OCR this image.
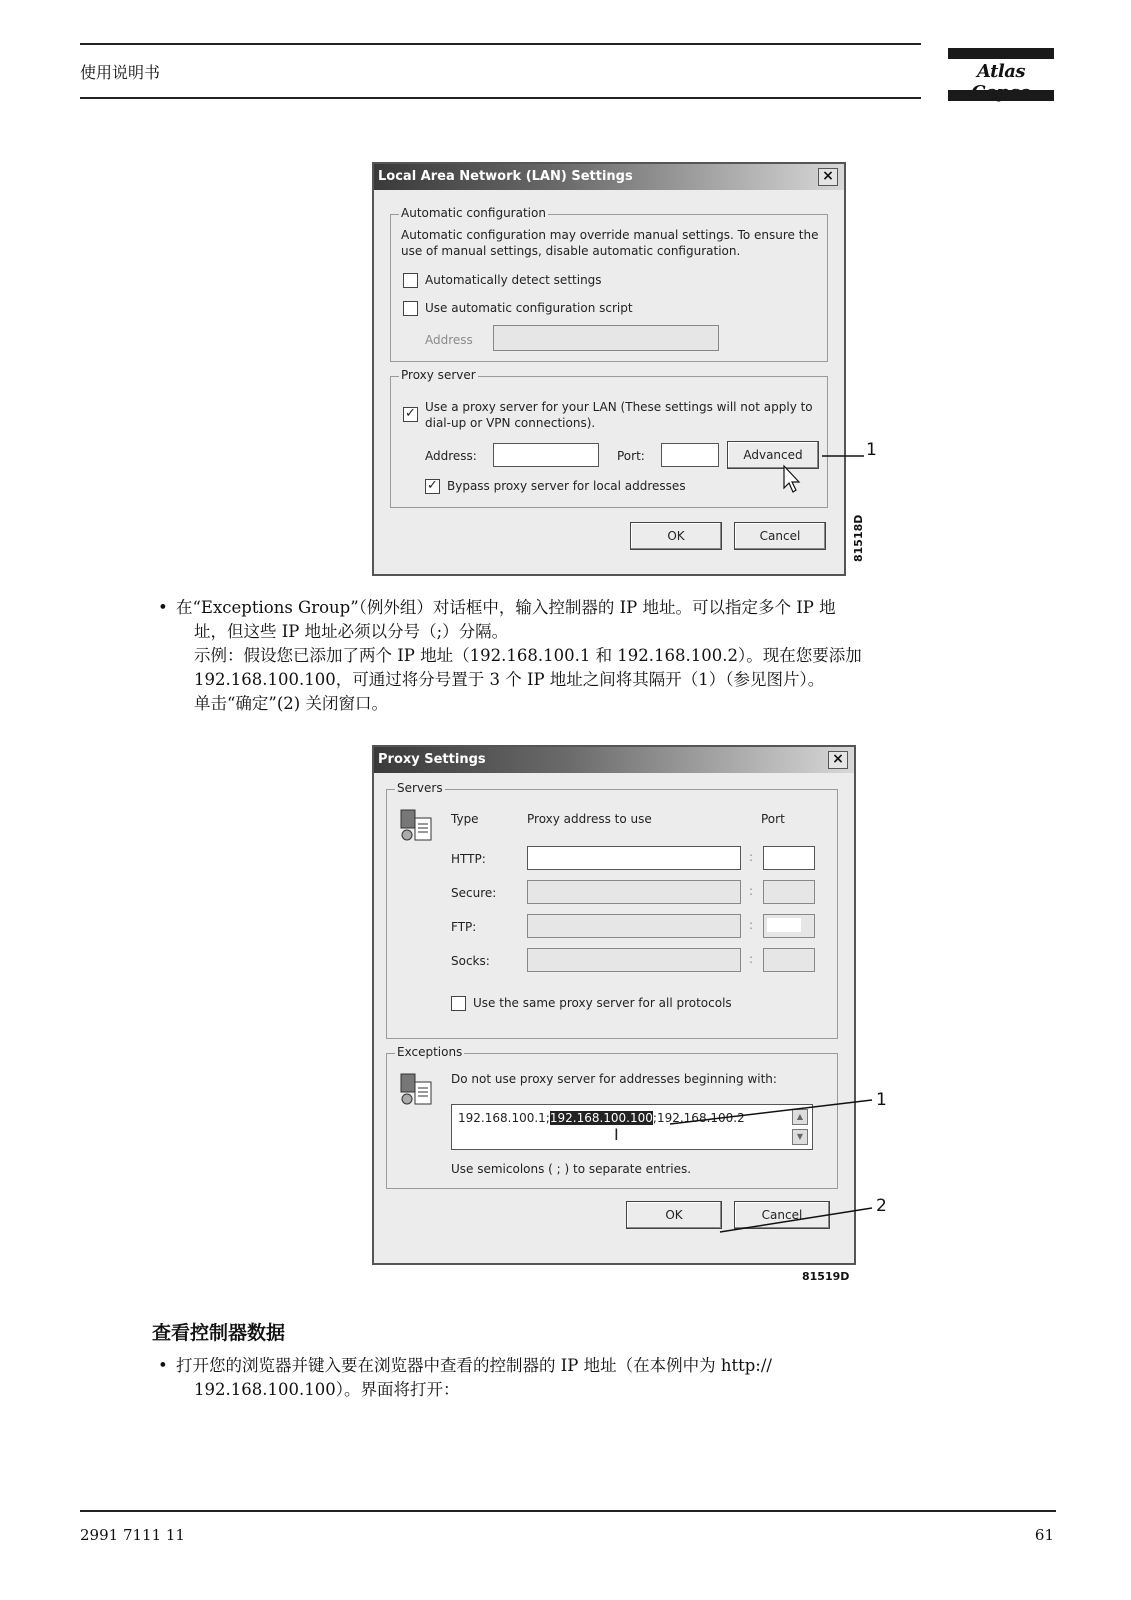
使用说明书	Atlas
Local Area Network (LAN) Settings	×
Automatic configuration
Automatic configuration may override manual settings. To ensure the
use of manual settings, disable automatic configuration.
Automatically detect settings
Use automatic configuration script
Address
Proxy server
✓ Use a proxy server for your LAN (These settings will not apply to
dial-up or VPN connections).
Address:	Port:	Advanced
✓ Bypass proxy server for local addresses
OK	Cancel	81518D
1
• 在“Exceptions Group”（例外组）对话框中，输入控制器的 IP 地址。可以指定多个 IP 地

址，但这些 IP 地址必须以分号（;）分隔。

示例：假设您已添加了两个 IP 地址（192.168.100.1 和 192.168.100.2）。现在您要添加

192.168.100.100，可通过将分号置于 3 个 IP 地址之间将其隔开（1）（参见图片）。

单击“确定”(2) 关闭窗口。

Proxy Settings	×
Servers
Type	Proxy address to use	Port
HTTP:	:
Secure:	:
FTP:	:
Socks:	:
Use the same proxy server for all protocols
Exceptions
Do not use proxy server for addresses beginning with:
192.168.100.1;192.168.100.100;192.168.100.2	▲
▼
I
Use semicolons ( ; ) to separate entries.
OK	Cancel
81519D
1
2
查看控制器数据
• 打开您的浏览器并键入要在浏览器中查看的控制器的 IP 地址（在本例中为 http://

192.168.100.100）。界面将打开：

2991 7111 11	61
